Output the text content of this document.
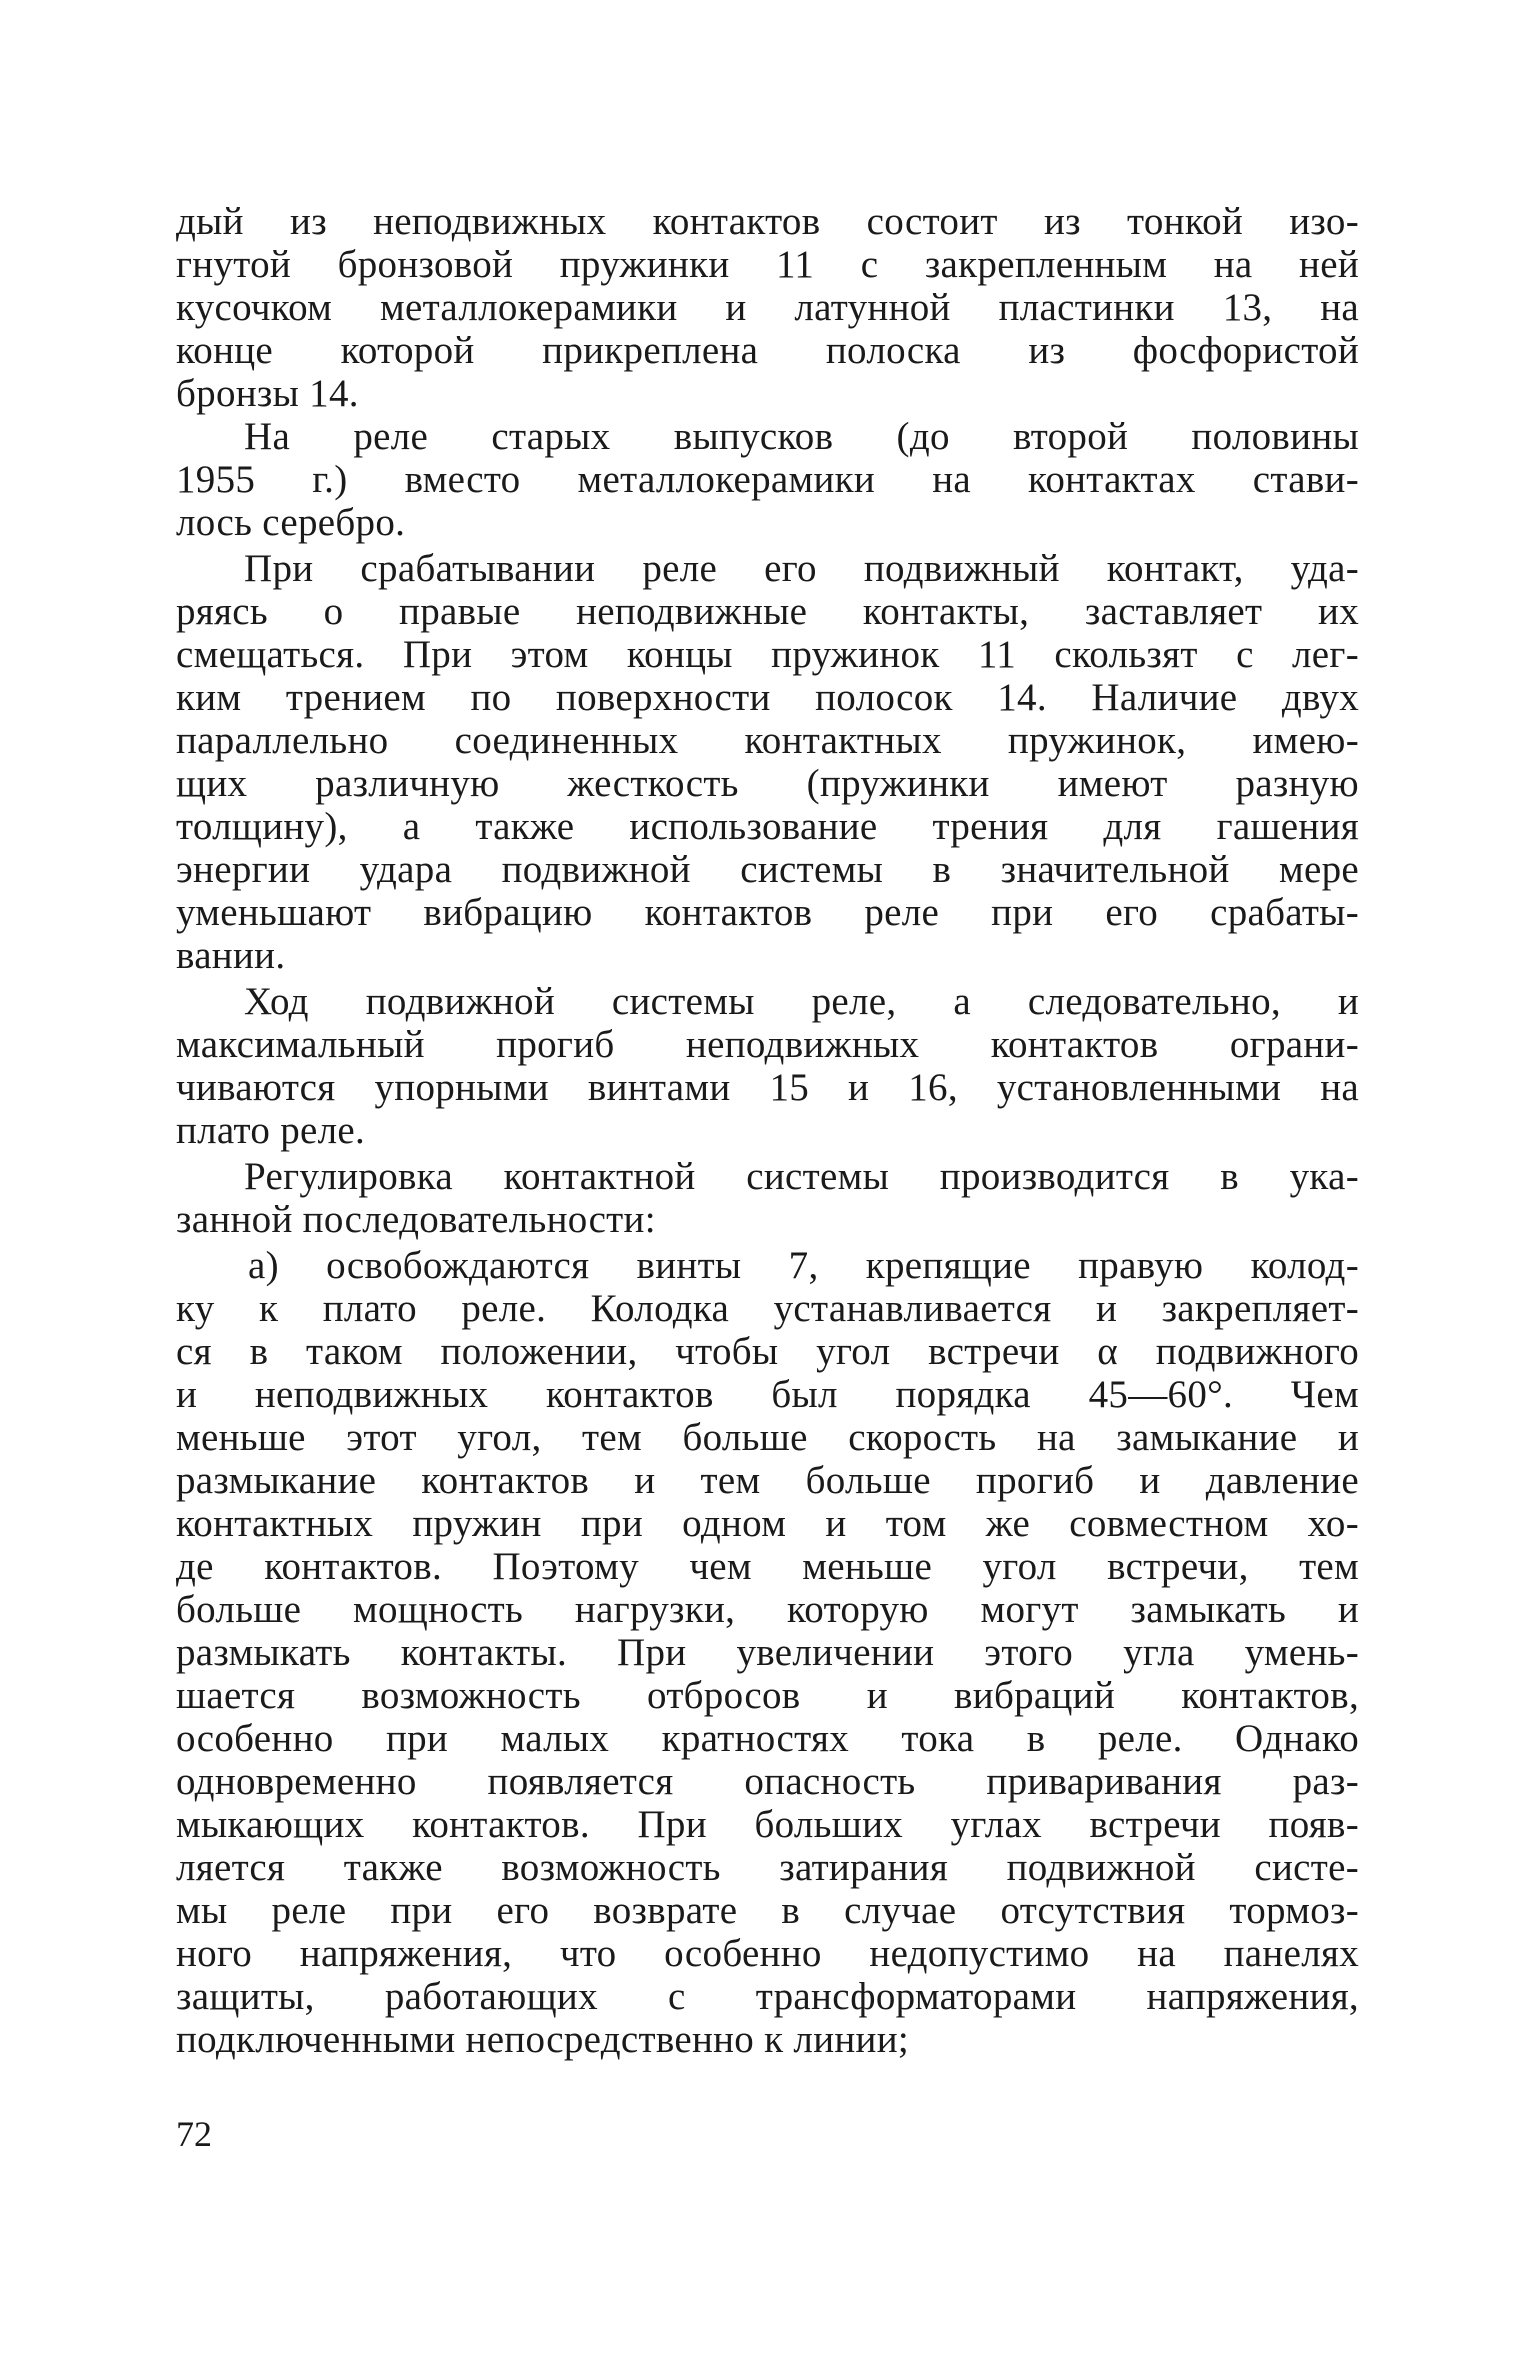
дый из неподвижных контактов состоит из тонкой изо-
гнутой бронзовой пружинки 11 с закрепленным на ней
кусочком металлокерамики и латунной пластинки 13, на
конце которой прикреплена полоска из фосфористой
бронзы 14.
На реле старых выпусков (до второй половины
1955 г.) вместо металлокерамики на контактах стави-
лось серебро.
При срабатывании реле его подвижный контакт, уда-
ряясь о правые неподвижные контакты, заставляет их
смещаться. При этом концы пружинок 11 скользят с лег-
ким трением по поверхности полосок 14. Наличие двух
параллельно соединенных контактных пружинок, имею-
щих различную жесткость (пружинки имеют разную
толщину), а также использование трения для гашения
энергии удара подвижной системы в значительной мере
уменьшают вибрацию контактов реле при его срабаты-
вании.
Ход подвижной системы реле, а следовательно, и
максимальный прогиб неподвижных контактов ограни-
чиваются упорными винтами 15 и 16, установленными на
плато реле.
Регулировка контактной системы производится в ука-
занной последовательности:
а) освобождаются винты 7, крепящие правую колод-
ку к плато реле. Колодка устанавливается и закрепляет-
ся в таком положении, чтобы угол встречи α подвижного
и неподвижных контактов был порядка 45—60°. Чем
меньше этот угол, тем больше скорость на замыкание и
размыкание контактов и тем больше прогиб и давление
контактных пружин при одном и том же совместном хо-
де контактов. Поэтому чем меньше угол встречи, тем
больше мощность нагрузки, которую могут замыкать и
размыкать контакты. При увеличении этого угла умень-
шается возможность отбросов и вибраций контактов,
особенно при малых кратностях тока в реле. Однако
одновременно появляется опасность приваривания раз-
мыкающих контактов. При больших углах встречи появ-
ляется также возможность затирания подвижной систе-
мы реле при его возврате в случае отсутствия тормоз-
ного напряжения, что особенно недопустимо на панелях
защиты, работающих с трансформаторами напряжения,
подключенными непосредственно к линии;
72
